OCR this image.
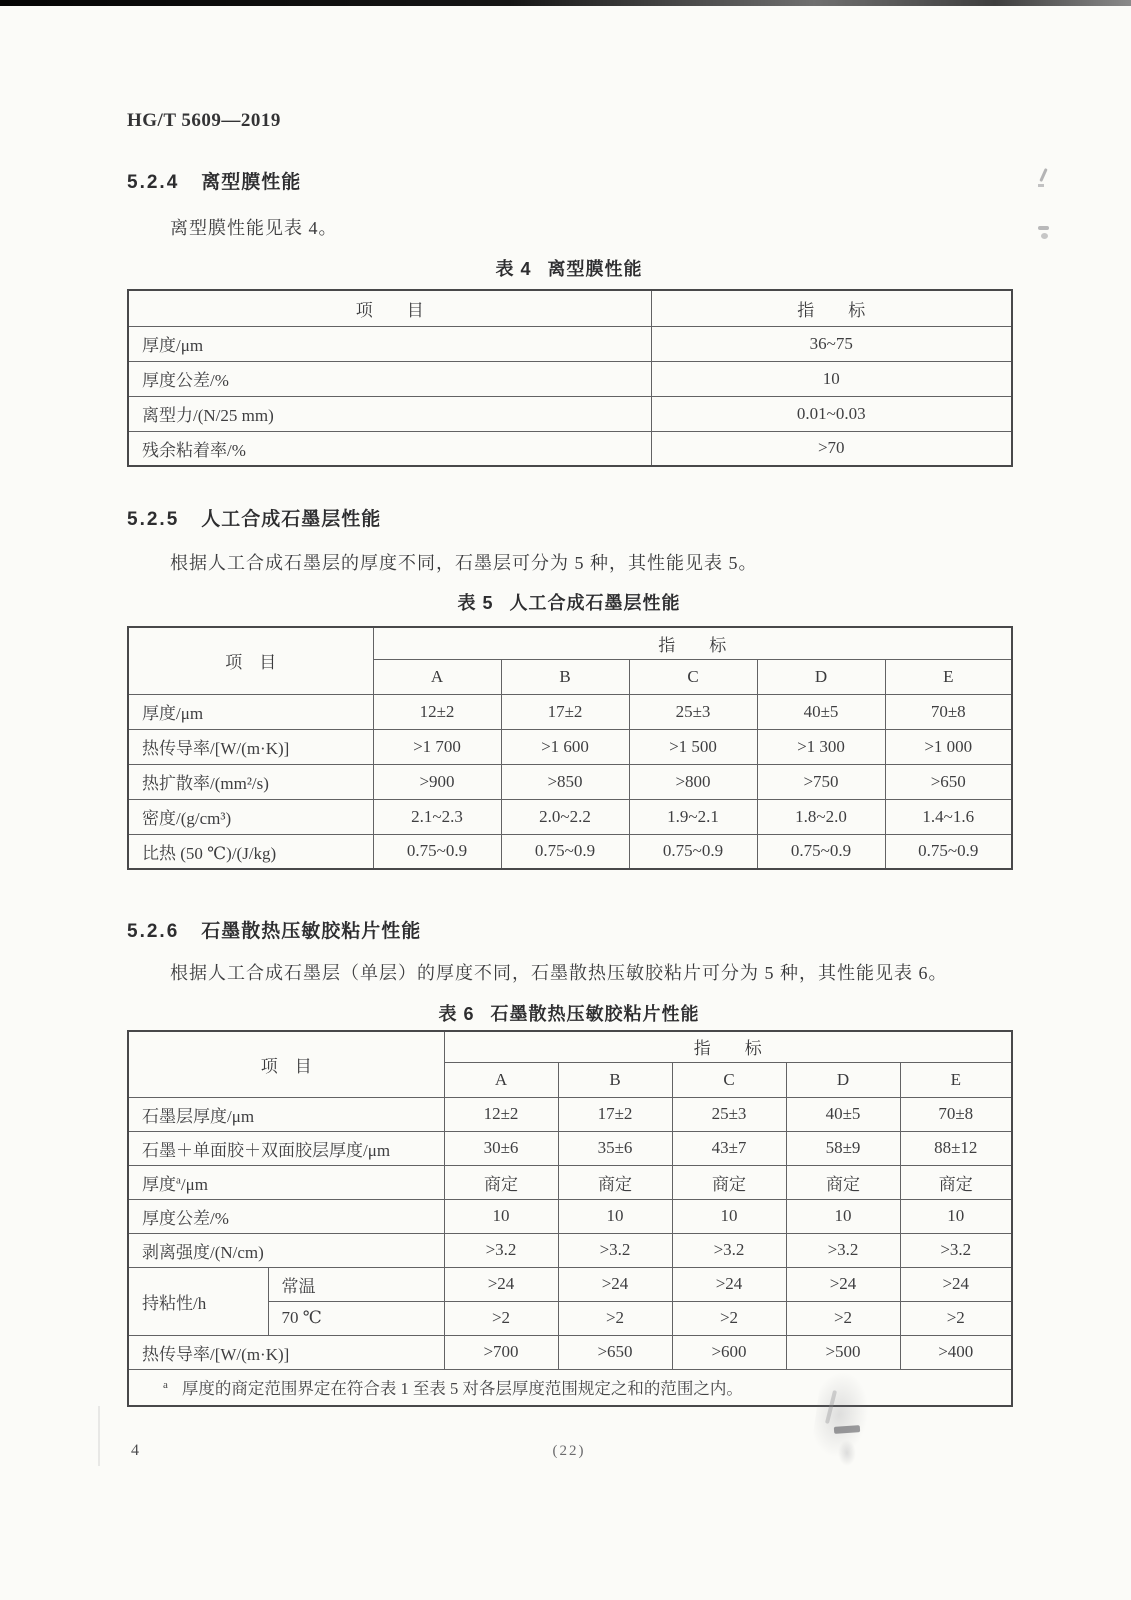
HG/T 5609—2019
5.2.4 离型膜性能
离型膜性能见表 4。
表 4 离型膜性能
项　　目	指　　标
厚度/μm	36~75
厚度公差/%	10
离型力/(N/25 mm)	0.01~0.03
残余粘着率/%	>70
5.2.5 人工合成石墨层性能
根据人工合成石墨层的厚度不同，石墨层可分为 5 种，其性能见表 5。
表 5 人工合成石墨层性能
项　目	指　　标				
	A	B	C	D	E
厚度/μm	12±2	17±2	25±3	40±5	70±8
热传导率/[W/(m·K)]	>1 700	>1 600	>1 500	>1 300	>1 000
热扩散率/(mm²/s)	>900	>850	>800	>750	>650
密度/(g/cm³)	2.1~2.3	2.0~2.2	1.9~2.1	1.8~2.0	1.4~1.6
比热 (50 ℃)/(J/kg)	0.75~0.9	0.75~0.9	0.75~0.9	0.75~0.9	0.75~0.9
5.2.6 石墨散热压敏胶粘片性能
根据人工合成石墨层（单层）的厚度不同，石墨散热压敏胶粘片可分为 5 种，其性能见表 6。
表 6 石墨散热压敏胶粘片性能
项　目		指　　标				
		A	B	C	D	E
石墨层厚度/μm		12±2	17±2	25±3	40±5	70±8
石墨＋单面胶＋双面胶层厚度/μm		30±6	35±6	43±7	58±9	88±12
厚度$^a$/μm		商定	商定	商定	商定	商定
厚度公差/%		10	10	10	10	10
剥离强度/(N/cm)		>3.2	>3.2	>3.2	>3.2	>3.2
持粘性/h	常温	>24	>24	>24	>24	>24
	70 ℃	>2	>2	>2	>2	>2
热传导率/[W/(m·K)]		>700	>650	>600	>500	>400
$^a$ 厚度的商定范围界定在符合表 1 至表 5 对各层厚度范围规定之和的范围之内。						
4	(22)
